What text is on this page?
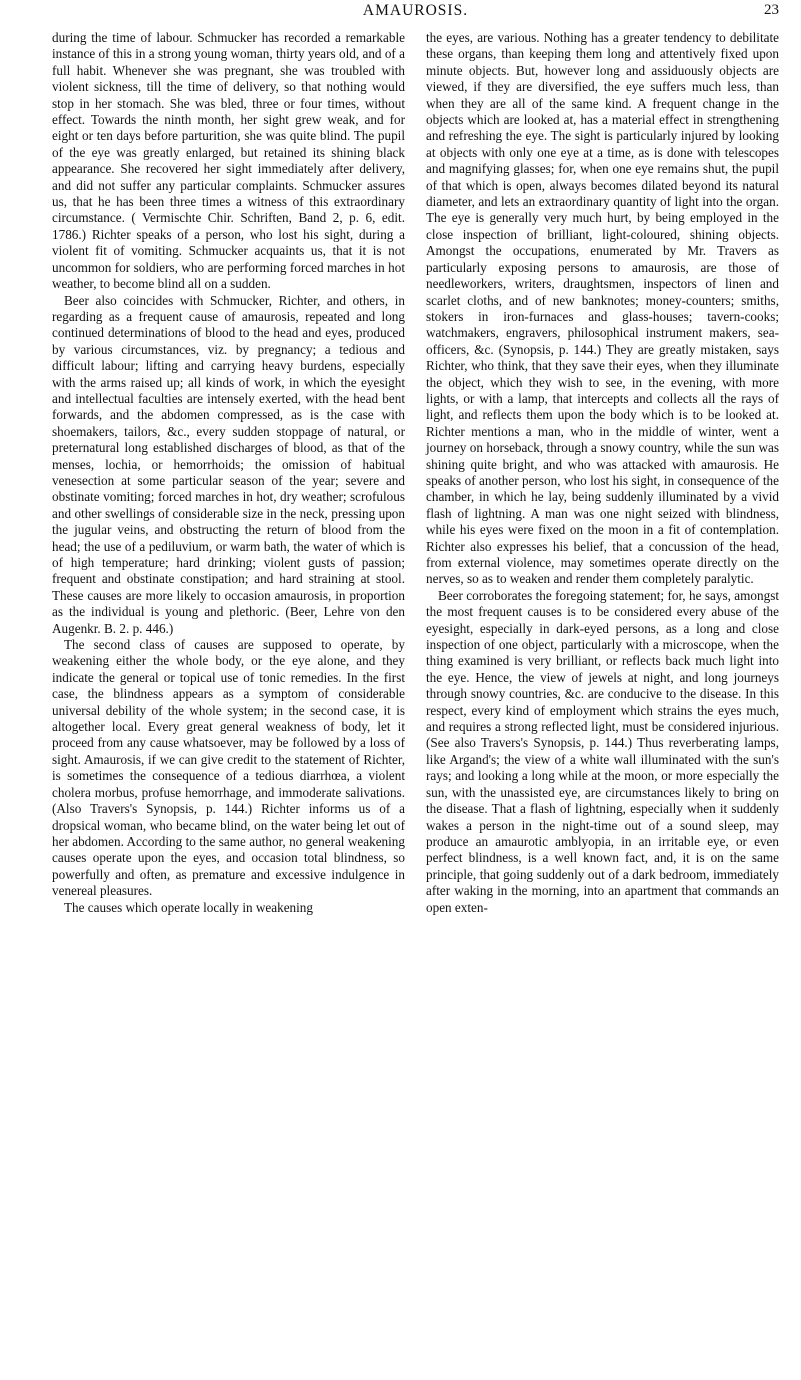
AMAUROSIS.	23

during the time of labour. Schmucker has recorded a remarkable instance of this in a strong young woman, thirty years old, and of a full habit. Whenever she was pregnant, she was troubled with violent sickness, till the time of delivery, so that nothing would stop in her stomach. She was bled, three or four times, without effect. Towards the ninth month, her sight grew weak, and for eight or ten days before parturition, she was quite blind. The pupil of the eye was greatly enlarged, but retained its shining black appearance. She recovered her sight immediately after delivery, and did not suffer any particular complaints. Schmucker assures us, that he has been three times a witness of this extraordinary circumstance. ( Vermischte Chir. Schriften, Band 2, p. 6, edit. 1786.) Richter speaks of a person, who lost his sight, during a violent fit of vomiting. Schmucker acquaints us, that it is not uncommon for soldiers, who are performing forced marches in hot weather, to become blind all on a sudden.

Beer also coincides with Schmucker, Richter, and others, in regarding as a frequent cause of amaurosis, repeated and long continued determinations of blood to the head and eyes, produced by various circumstances, viz. by pregnancy; a tedious and difficult labour; lifting and carrying heavy burdens, especially with the arms raised up; all kinds of work, in which the eyesight and intellectual faculties are intensely exerted, with the head bent forwards, and the abdomen compressed, as is the case with shoemakers, tailors, &c., every sudden stoppage of natural, or preternatural long established discharges of blood, as that of the menses, lochia, or hemorrhoids; the omission of habitual venesection at some particular season of the year; severe and obstinate vomiting; forced marches in hot, dry weather; scrofulous and other swellings of considerable size in the neck, pressing upon the jugular veins, and obstructing the return of blood from the head; the use of a pediluvium, or warm bath, the water of which is of high temperature; hard drinking; violent gusts of passion; frequent and obstinate constipation; and hard straining at stool. These causes are more likely to occasion amaurosis, in proportion as the individual is young and plethoric. (Beer, Lehre von den Augenkr. B. 2. p. 446.)

The second class of causes are supposed to operate, by weakening either the whole body, or the eye alone, and they indicate the general or topical use of tonic remedies. In the first case, the blindness appears as a symptom of considerable universal debility of the whole system; in the second case, it is altogether local. Every great general weakness of body, let it proceed from any cause whatsoever, may be followed by a loss of sight. Amaurosis, if we can give credit to the statement of Richter, is sometimes the consequence of a tedious diarrhœa, a violent cholera morbus, profuse hemorrhage, and immoderate salivations. (Also Travers's Synopsis, p. 144.) Richter informs us of a dropsical woman, who became blind, on the water being let out of her abdomen. According to the same author, no general weakening causes operate upon the eyes, and occasion total blindness, so powerfully and often, as premature and excessive indulgence in venereal pleasures.

The causes which operate locally in weakening

the eyes, are various. Nothing has a greater tendency to debilitate these organs, than keeping them long and attentively fixed upon minute objects. But, however long and assiduously objects are viewed, if they are diversified, the eye suffers much less, than when they are all of the same kind. A frequent change in the objects which are looked at, has a material effect in strengthening and refreshing the eye. The sight is particularly injured by looking at objects with only one eye at a time, as is done with telescopes and magnifying glasses; for, when one eye remains shut, the pupil of that which is open, always becomes dilated beyond its natural diameter, and lets an extraordinary quantity of light into the organ. The eye is generally very much hurt, by being employed in the close inspection of brilliant, light-coloured, shining objects. Amongst the occupations, enumerated by Mr. Travers as particularly exposing persons to amaurosis, are those of needleworkers, writers, draughtsmen, inspectors of linen and scarlet cloths, and of new banknotes; money-counters; smiths, stokers in iron-furnaces and glass-houses; tavern-cooks; watchmakers, engravers, philosophical instrument makers, sea-officers, &c. (Synopsis, p. 144.) They are greatly mistaken, says Richter, who think, that they save their eyes, when they illuminate the object, which they wish to see, in the evening, with more lights, or with a lamp, that intercepts and collects all the rays of light, and reflects them upon the body which is to be looked at. Richter mentions a man, who in the middle of winter, went a journey on horseback, through a snowy country, while the sun was shining quite bright, and who was attacked with amaurosis. He speaks of another person, who lost his sight, in consequence of the chamber, in which he lay, being suddenly illuminated by a vivid flash of lightning. A man was one night seized with blindness, while his eyes were fixed on the moon in a fit of contemplation. Richter also expresses his belief, that a concussion of the head, from external violence, may sometimes operate directly on the nerves, so as to weaken and render them completely paralytic.

Beer corroborates the foregoing statement; for, he says, amongst the most frequent causes is to be considered every abuse of the eyesight, especially in dark-eyed persons, as a long and close inspection of one object, particularly with a microscope, when the thing examined is very brilliant, or reflects back much light into the eye. Hence, the view of jewels at night, and long journeys through snowy countries, &c. are conducive to the disease. In this respect, every kind of employment which strains the eyes much, and requires a strong reflected light, must be considered injurious. (See also Travers's Synopsis, p. 144.) Thus reverberating lamps, like Argand's; the view of a white wall illuminated with the sun's rays; and looking a long while at the moon, or more especially the sun, with the unassisted eye, are circumstances likely to bring on the disease. That a flash of lightning, especially when it suddenly wakes a person in the night-time out of a sound sleep, may produce an amaurotic amblyopia, in an irritable eye, or even perfect blindness, is a well known fact, and, it is on the same principle, that going suddenly out of a dark bedroom, immediately after waking in the morning, into an apartment that commands an open exten-
